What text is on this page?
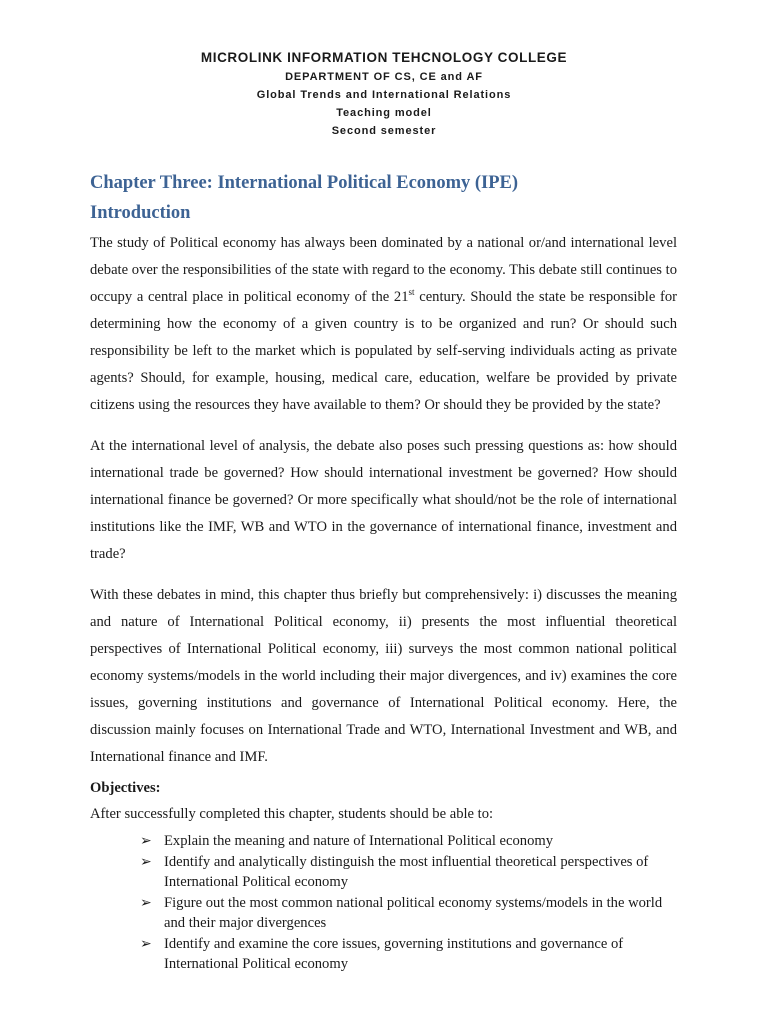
MICROLINK INFORMATION TEHCNOLOGY COLLEGE
DEPARTMENT OF CS, CE and AF
Global Trends and International Relations
Teaching model
Second semester
Chapter Three: International Political Economy (IPE)
Introduction

The study of Political economy has always been dominated by a national or/and international level debate over the responsibilities of the state with regard to the economy. This debate still continues to occupy a central place in political economy of the 21st century. Should the state be responsible for determining how the economy of a given country is to be organized and run? Or should such responsibility be left to the market which is populated by self-serving individuals acting as private agents? Should, for example, housing, medical care, education, welfare be provided by private citizens using the resources they have available to them? Or should they be provided by the state?

At the international level of analysis, the debate also poses such pressing questions as: how should international trade be governed? How should international investment be governed? How should international finance be governed? Or more specifically what should/not be the role of international institutions like the IMF, WB and WTO in the governance of international finance, investment and trade?

With these debates in mind, this chapter thus briefly but comprehensively: i) discusses the meaning and nature of International Political economy, ii) presents the most influential theoretical perspectives of International Political economy, iii) surveys the most common national political economy systems/models in the world including their major divergences, and iv) examines the core issues, governing institutions and governance of International Political economy. Here, the discussion mainly focuses on International Trade and WTO, International Investment and WB, and International finance and IMF.

Objectives:
After successfully completed this chapter, students should be able to:
➢ Explain the meaning and nature of International Political economy
➢ Identify and analytically distinguish the most influential theoretical perspectives of International Political economy
➢ Figure out the most common national political economy systems/models in the world and their major divergences
➢ Identify and examine the core issues, governing institutions and governance of International Political economy
